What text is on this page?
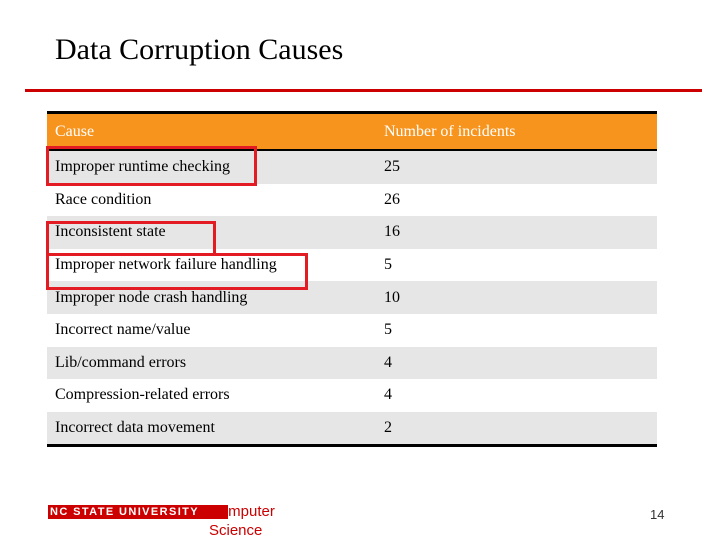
Data Corruption Causes
Cause	Number of incidents
Improper runtime checking	25
Race condition	26
Inconsistent state	16
Improper network failure handling	5
Improper node crash handling	10
Incorrect name/value	5
Lib/command errors	4
Compression-related errors	4
Incorrect data movement	2
NC STATE UNIVERSITY Computer
Science
14
